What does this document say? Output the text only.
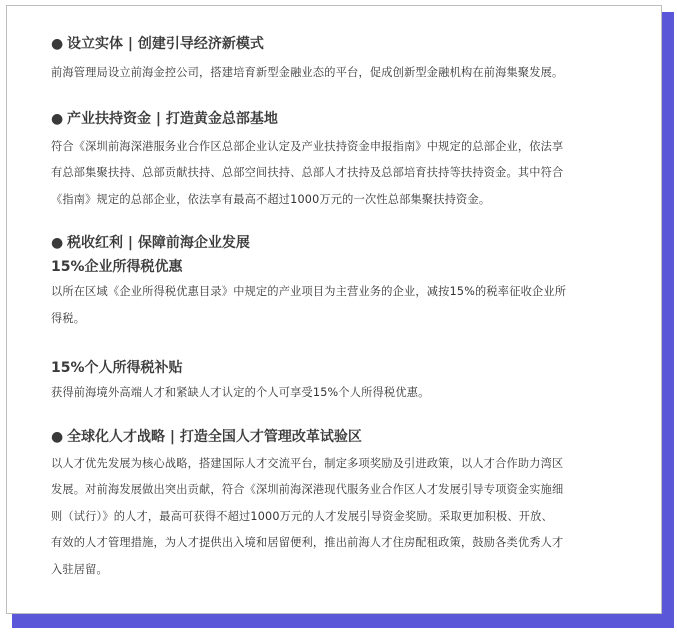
● 设立实体 | 创建引导经济新模式

前海管理局设立前海金控公司，搭建培育新型金融业态的平台，促成创新型金融机构在前海集聚发展。

● 产业扶持资金 | 打造黄金总部基地

符合《深圳前海深港服务业合作区总部企业认定及产业扶持资金申报指南》中规定的总部企业，依法享

有总部集聚扶持、总部贡献扶持、总部空间扶持、总部人才扶持及总部培育扶持等扶持资金。其中符合

《指南》规定的总部企业，依法享有最高不超过1000万元的一次性总部集聚扶持资金。

● 税收红利 | 保障前海企业发展

15%企业所得税优惠

以所在区域《企业所得税优惠目录》中规定的产业项目为主营业务的企业，减按15%的税率征收企业所

得税。

15%个人所得税补贴

获得前海境外高端人才和紧缺人才认定的个人可享受15%个人所得税优惠。

● 全球化人才战略 | 打造全国人才管理改革试验区

以人才优先发展为核心战略，搭建国际人才交流平台，制定多项奖励及引进政策，以人才合作助力湾区

发展。对前海发展做出突出贡献，符合《深圳前海深港现代服务业合作区人才发展引导专项资金实施细

则（试行）》的人才，最高可获得不超过1000万元的人才发展引导资金奖励。采取更加积极、开放、

有效的人才管理措施，为人才提供出入境和居留便利，推出前海人才住房配租政策，鼓励各类优秀人才

入驻居留。
